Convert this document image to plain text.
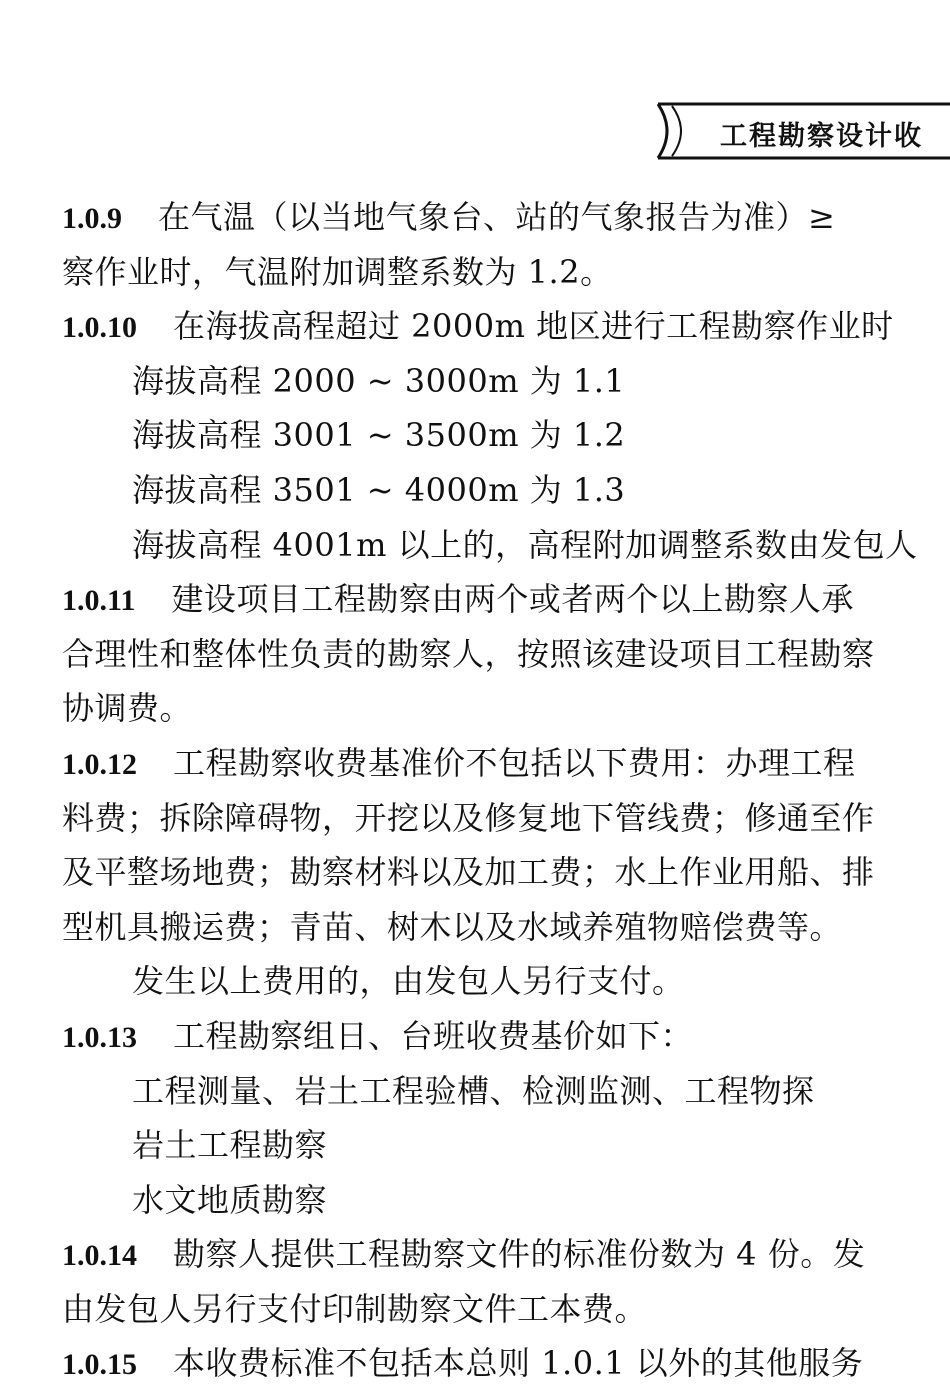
工程勘察设计收
1.0.9 在气温（以当地气象台、站的气象报告为准）≥
察作业时，气温附加调整系数为 1.2。
1.0.10 在海拔高程超过 2000m 地区进行工程勘察作业时
海拔高程 2000 ~ 3000m 为 1.1
海拔高程 3001 ~ 3500m 为 1.2
海拔高程 3501 ~ 4000m 为 1.3
海拔高程 4001m 以上的，高程附加调整系数由发包人
1.0.11 建设项目工程勘察由两个或者两个以上勘察人承
合理性和整体性负责的勘察人，按照该建设项目工程勘察
协调费。
1.0.12 工程勘察收费基准价不包括以下费用：办理工程
料费；拆除障碍物，开挖以及修复地下管线费；修通至作
及平整场地费；勘察材料以及加工费；水上作业用船、排
型机具搬运费；青苗、树木以及水域养殖物赔偿费等。
发生以上费用的，由发包人另行支付。
1.0.13 工程勘察组日、台班收费基价如下：
工程测量、岩土工程验槽、检测监测、工程物探
岩土工程勘察
水文地质勘察
1.0.14 勘察人提供工程勘察文件的标准份数为 4 份。发
由发包人另行支付印制勘察文件工本费。
1.0.15 本收费标准不包括本总则 1.0.1 以外的其他服务
